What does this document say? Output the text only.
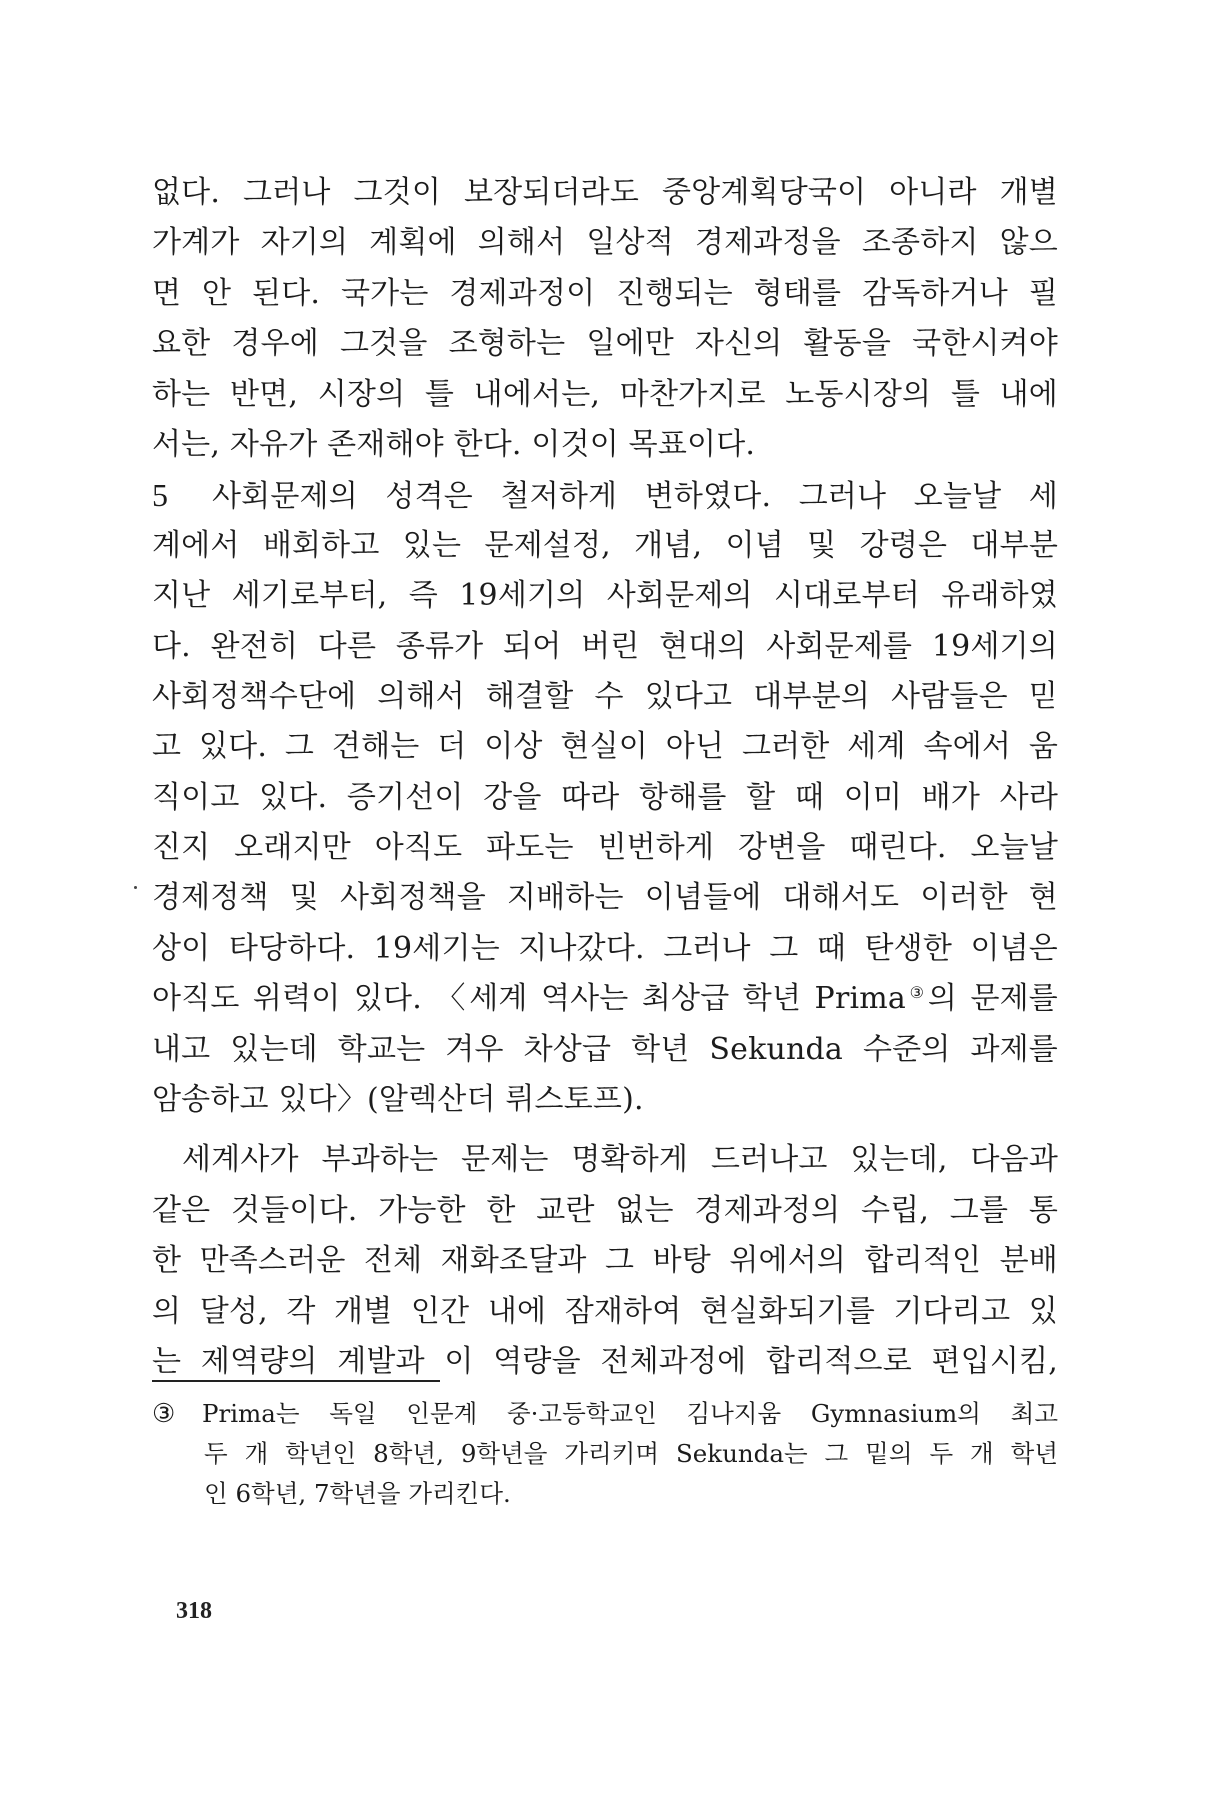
없다. 그러나 그것이 보장되더라도 중앙계획당국이 아니라 개별
가계가 자기의 계획에 의해서 일상적 경제과정을 조종하지 않으
면 안 된다. 국가는 경제과정이 진행되는 형태를 감독하거나 필
요한 경우에 그것을 조형하는 일에만 자신의 활동을 국한시켜야
하는 반면, 시장의 틀 내에서는, 마찬가지로 노동시장의 틀 내에
서는, 자유가 존재해야 한다. 이것이 목표이다.
5 사회문제의 성격은 철저하게 변하였다. 그러나 오늘날 세
계에서 배회하고 있는 문제설정, 개념, 이념 및 강령은 대부분
지난 세기로부터, 즉 19세기의 사회문제의 시대로부터 유래하였
다. 완전히 다른 종류가 되어 버린 현대의 사회문제를 19세기의
사회정책수단에 의해서 해결할 수 있다고 대부분의 사람들은 믿
고 있다. 그 견해는 더 이상 현실이 아닌 그러한 세계 속에서 움
직이고 있다. 증기선이 강을 따라 항해를 할 때 이미 배가 사라
진지 오래지만 아직도 파도는 빈번하게 강변을 때린다. 오늘날
경제정책 및 사회정책을 지배하는 이념들에 대해서도 이러한 현
상이 타당하다. 19세기는 지나갔다. 그러나 그 때 탄생한 이념은
아직도 위력이 있다. 〈세계 역사는 최상급 학년 Prima③의 문제를
내고 있는데 학교는 겨우 차상급 학년 Sekunda 수준의 과제를
암송하고 있다〉(알렉산더 뤼스토프).
세계사가 부과하는 문제는 명확하게 드러나고 있는데, 다음과
같은 것들이다. 가능한 한 교란 없는 경제과정의 수립, 그를 통
한 만족스러운 전체 재화조달과 그 바탕 위에서의 합리적인 분배
의 달성, 각 개별 인간 내에 잠재하여 현실화되기를 기다리고 있
는 제역량의 계발과 이 역량을 전체과정에 합리적으로 편입시킴,
③ Prima는 독일 인문계 중·고등학교인 김나지움 Gymnasium의 최고
두 개 학년인 8학년, 9학년을 가리키며 Sekunda는 그 밑의 두 개 학년
인 6학년, 7학년을 가리킨다.
318
